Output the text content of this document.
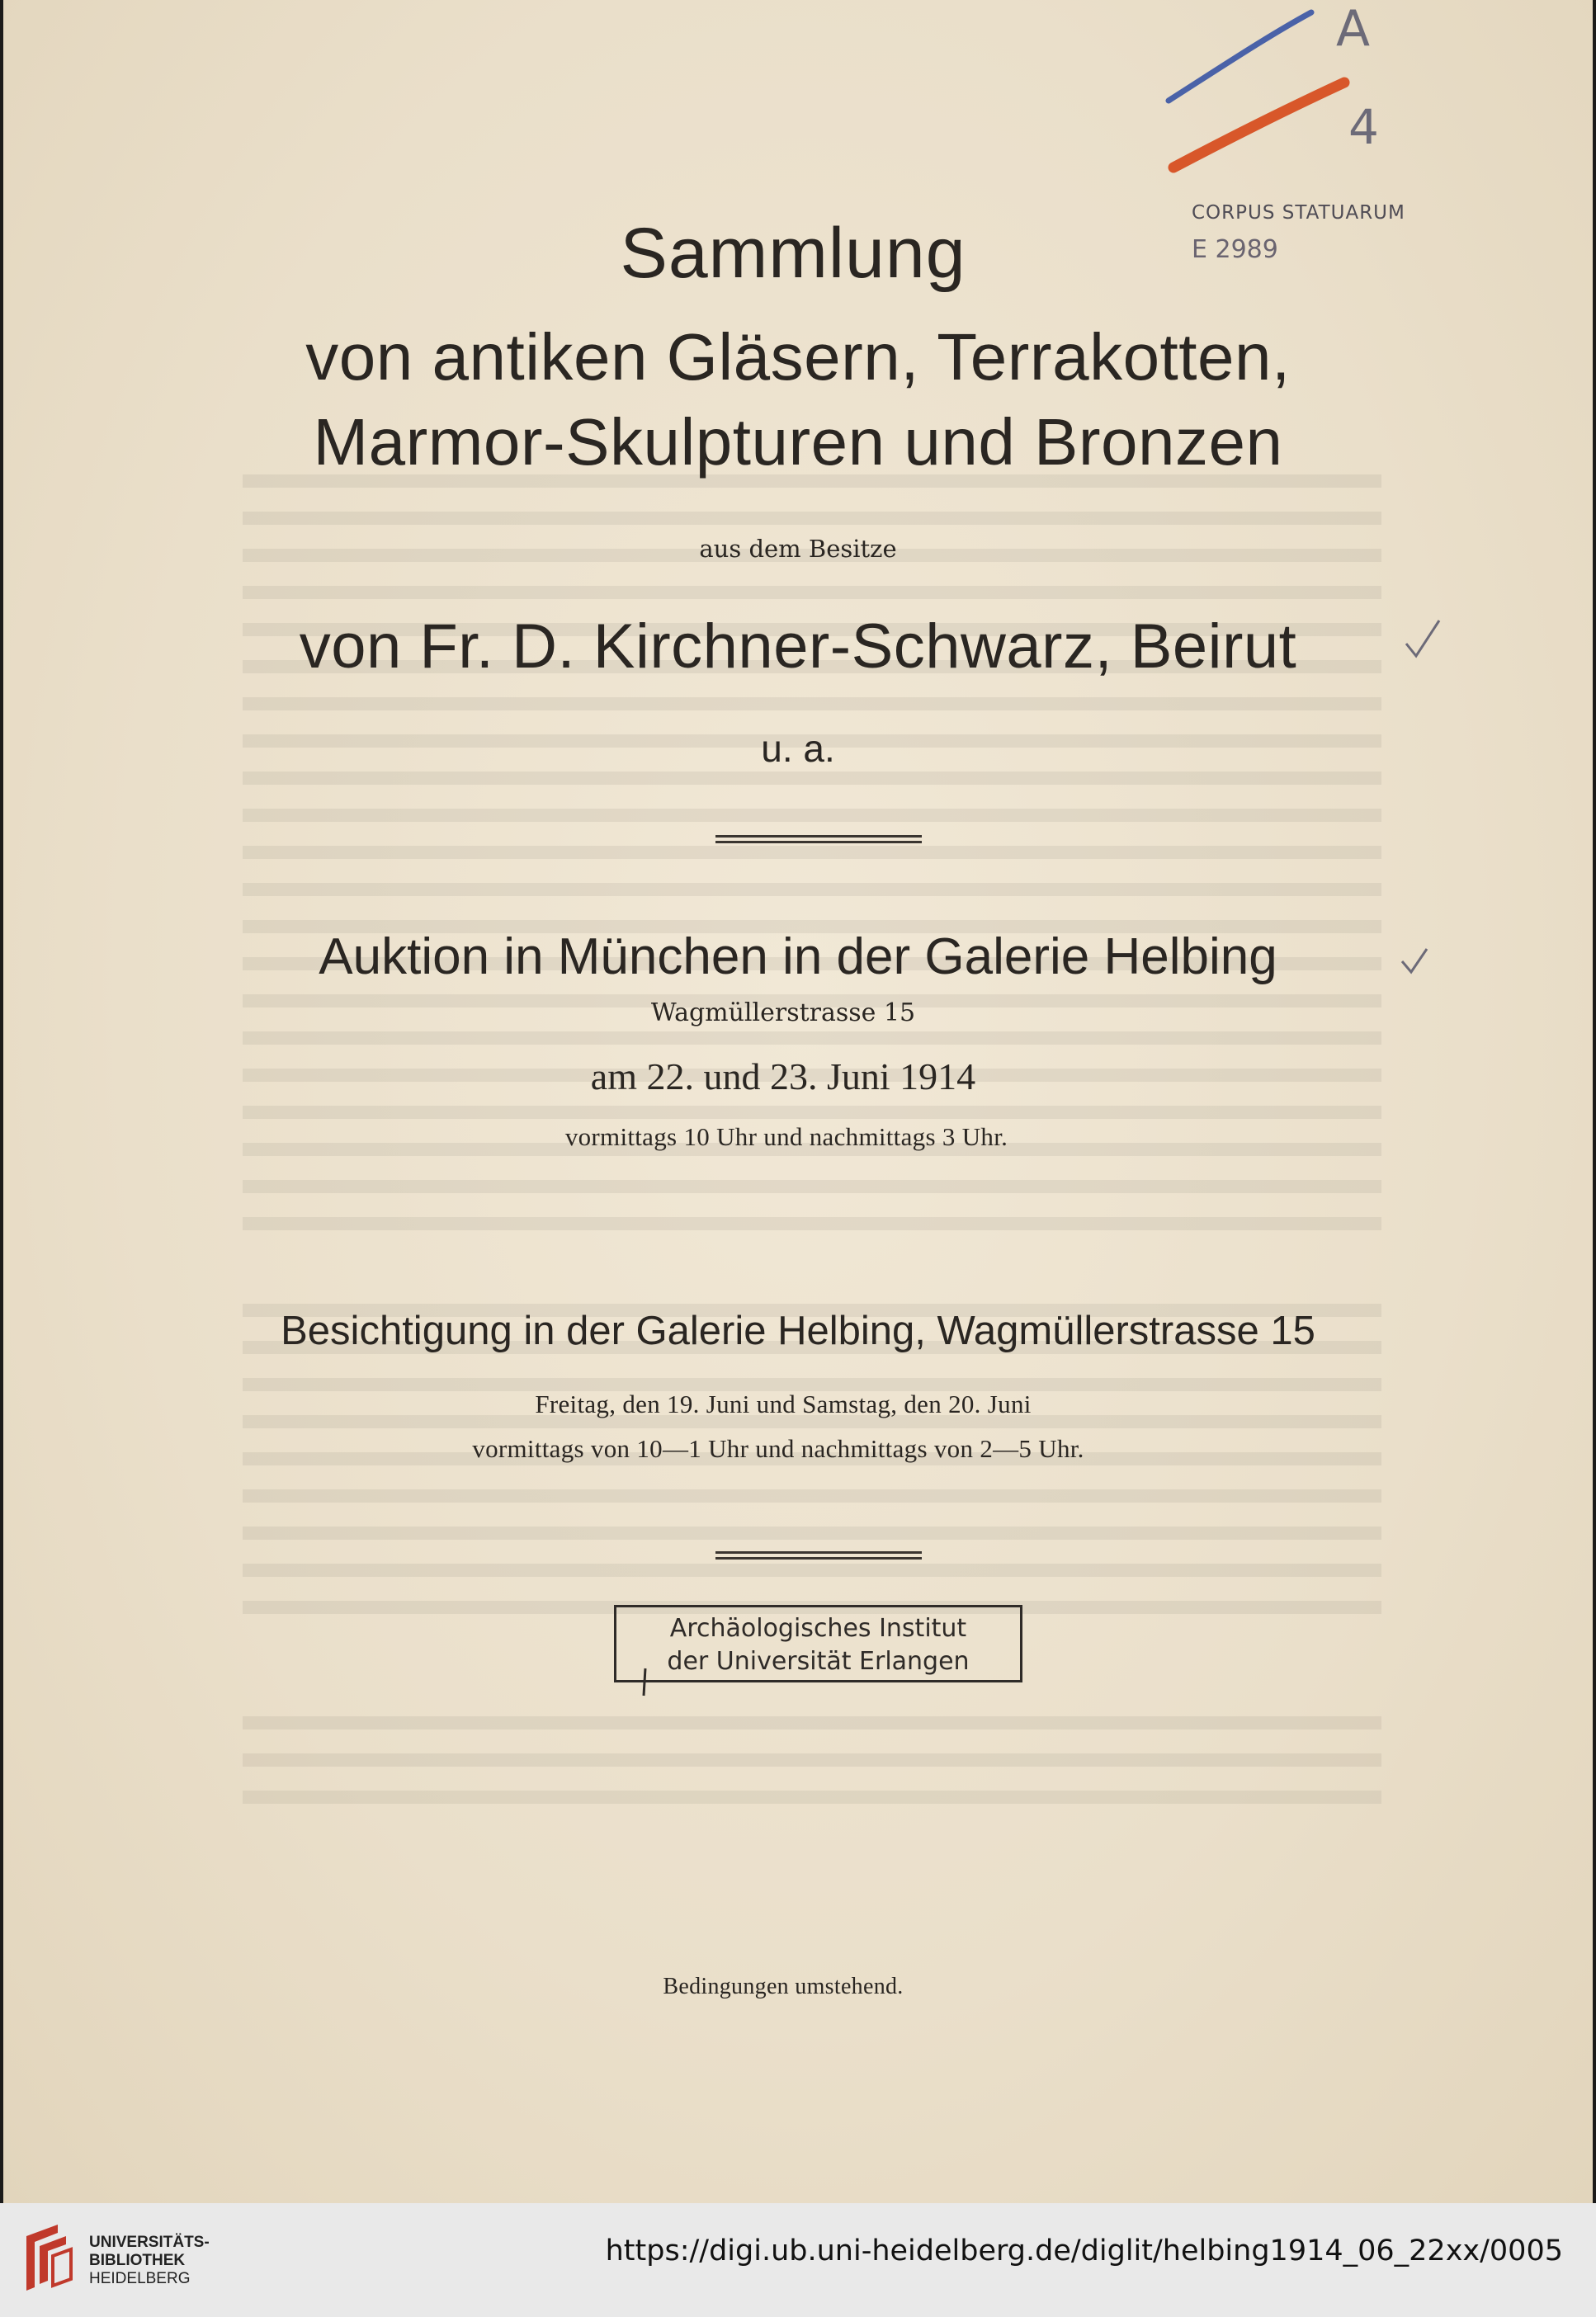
A
4
CORPUS STATUARUM
E 2989
Sammlung
von antiken Gläsern, Terrakotten,
Marmor-Skulpturen und Bronzen
aus dem Besitze
von Fr. D. Kirchner-Schwarz, Beirut
u. a.
Auktion in München in der Galerie Helbing
Wagmüllerstrasse 15
am 22. und 23. Juni 1914
vormittags 10 Uhr und nachmittags 3 Uhr.
Besichtigung in der Galerie Helbing, Wagmüllerstrasse 15
Freitag, den 19. Juni und Samstag, den 20. Juni
vormittags von 10—1 Uhr und nachmittags von 2—5 Uhr.
Archäologisches Institut
der Universität Erlangen
Bedingungen umstehend.
UNIVERSITÄTS-
BIBLIOTHEK
HEIDELBERG
https://digi.ub.uni-heidelberg.de/diglit/helbing1914_06_22xx/0005
